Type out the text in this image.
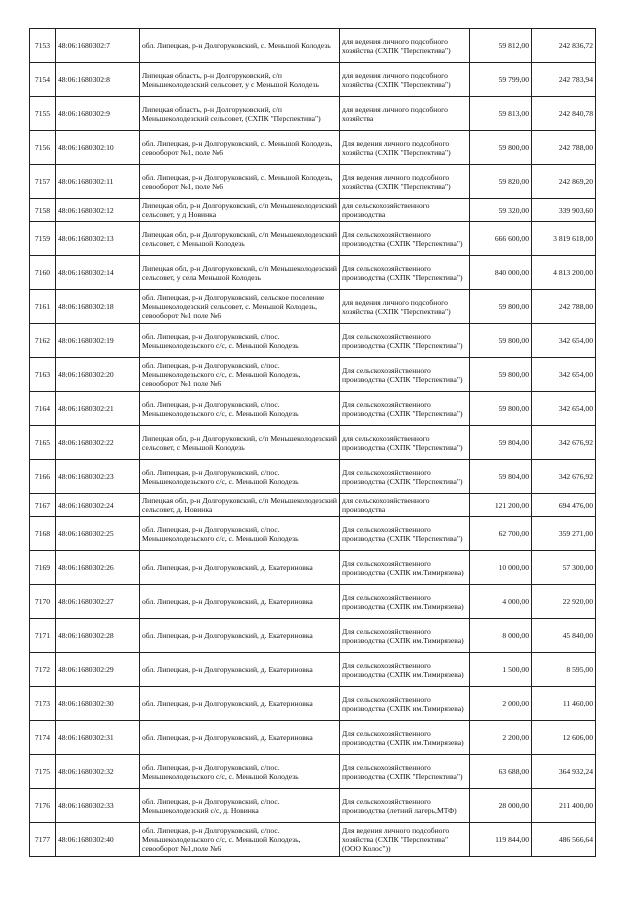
7153	48:06:1680302:7	обл. Липецкая, р-н Долгоруковский, с. Меньшой Колодезь	для ведения личного подсобного хозяйства (СХПК "Перспектива")	59 812,00	242 836,72
7154	48:06:1680302:8	Липецкая область, р-н Долгоруковский, с/п Меньшеколодезский сельсовет, у с Меньшой Колодезь	для ведения личного подсобного хозяйства (СХПК "Перспектива")	59 799,00	242 783,94
7155	48:06:1680302:9	Липецкая область, р-н Долгоруковский, с/п Меньшеколодезский сельсовет, (СХПК "Перспектива")	для ведения личного подсобного хозяйства	59 813,00	242 840,78
7156	48:06:1680302:10	обл. Липецкая, р-н Долгоруковский, с. Меньшой Колодезь, севооборот №1, поле №6	Для ведения личного подсобного хозяйства (СХПК "Перспектива")	59 800,00	242 788,00
7157	48:06:1680302:11	обл. Липецкая, р-н Долгоруковский, с. Меньшой Колодезь, севооборот №1, поле №6	Для ведения личного подсобного хозяйства (СХПК "Перспектива")	59 820,00	242 869,20
7158	48:06:1680302:12	Липецкая обл, р-н Долгоруковский, с/п Меньшеколодезский сельсовет, у д Новинка	для сельскохозяйственного производства	59 320,00	339 903,60
7159	48:06:1680302:13	Липецкая обл, р-н Долгоруковский, с/п Меньшеколодезский сельсовет, с Меньшой Колодезь	Для сельскохозяйственного производства (СХПК "Перспектива")	666 600,00	3 819 618,00
7160	48:06:1680302:14	Липецкая обл, р-н Долгоруковский, с/п Меньшеколодезский сельсовет, у села Меньшой Колодезь	Для сельскохозяйственного производства (СХПК "Перспектива")	840 000,00	4 813 200,00
7161	48:06:1680302:18	обл. Липецкая, р-н Долгоруковский, сельское поселение Меньшеколодезский сельсовет, с. Меньшой Колодезь, севооборот №1 поле №6	для ведения личного подсобного хозяйства (СХПК "Перспектива")	59 800,00	242 788,00
7162	48:06:1680302:19	обл. Липецкая, р-н Долгоруковский, с/пос. Меньшеколодезьского с/с, с. Меньшой Колодезь	Для сельскохозяйственного производства (СХПК "Перспектива")	59 800,00	342 654,00
7163	48:06:1680302:20	обл. Липецкая, р-н Долгоруковский, с/пос. Меньшеколодезьского с/с, с. Меньшой Колодезь, севооборот №1 поле №6	Для сельскохозяйственного производства (СХПК "Перспектива")	59 800,00	342 654,00
7164	48:06:1680302:21	обл. Липецкая, р-н Долгоруковский, с/пос. Меньшеколодезьского с/с, с. Меньшой Колодезь	Для сельскохозяйственного производства (СХПК "Перспектива")	59 800,00	342 654,00
7165	48:06:1680302:22	Липецкая обл, р-н Долгоруковский, с/п Меньшеколодезский сельсовет, с Меньшой Колодезь	для сельскохозяйственного производства (СХПК "Перспектива")	59 804,00	342 676,92
7166	48:06:1680302:23	обл. Липецкая, р-н Долгоруковский, с/пос. Меньшеколодезьского с/с, с. Меньшой Колодезь	Для сельскохозяйственного производства (СХПК "Перспектива")	59 804,00	342 676,92
7167	48:06:1680302:24	Липецкая обл, р-н Долгоруковский, с/п Меньшеколодезский сельсовет, д. Новинка	для сельскохозяйственного производства	121 200,00	694 476,00
7168	48:06:1680302:25	обл. Липецкая, р-н Долгоруковский, с/пос. Меньшеколодезьского с/с, с. Меньшой Колодезь	Для сельскохозяйственного производства (СХПК "Перспектива")	62 700,00	359 271,00
7169	48:06:1680302:26	обл. Липецкая, р-н Долгоруковский, д. Екатериновка	Для сельскохозяйственного производства (СХПК им.Тимирязева)	10 000,00	57 300,00
7170	48:06:1680302:27	обл. Липецкая, р-н Долгоруковский, д. Екатериновка	Для сельскохозяйственного производства (СХПК им.Тимирязева)	4 000,00	22 920,00
7171	48:06:1680302:28	обл. Липецкая, р-н Долгоруковский, д. Екатериновка	Для сельскохозяйственного производства (СХПК им.Тимирязева)	8 000,00	45 840,00
7172	48:06:1680302:29	обл. Липецкая, р-н Долгоруковский, д. Екатериновка	Для сельскохозяйственного производства (СХПК им.Тимирязева)	1 500,00	8 595,00
7173	48:06:1680302:30	обл. Липецкая, р-н Долгоруковский, д. Екатериновка	Для сельскохозяйственного производства (СХПК им.Тимирязева)	2 000,00	11 460,00
7174	48:06:1680302:31	обл. Липецкая, р-н Долгоруковский, д. Екатериновка	Для сельскохозяйственного производства (СХПК им.Тимирязева)	2 200,00	12 606,00
7175	48:06:1680302:32	обл. Липецкая, р-н Долгоруковский, с/пос. Меньшеколодезьского с/с, с. Меньшой Колодезь	Для сельскохозяйственного производства (СХПК "Перспектива")	63 688,00	364 932,24
7176	48:06:1680302:33	обл. Липецкая, р-н Долгоруковский, с/пос. Меньшеколодезский с/с, д. Новинка	Для сельскохозяйственного производства (летний лагерь,МТФ)	28 000,00	211 400,00
7177	48:06:1680302:40	обл. Липецкая, р-н Долгоруковский, с/пос. Меньшеколодезьского с/с, с. Меньшой Колодезь, севооборот №1,поле №6	Для ведения личного подсобного хозяйства (СХПК "Перспектива" (ООО Колос"))	119 844,00	486 566,64
